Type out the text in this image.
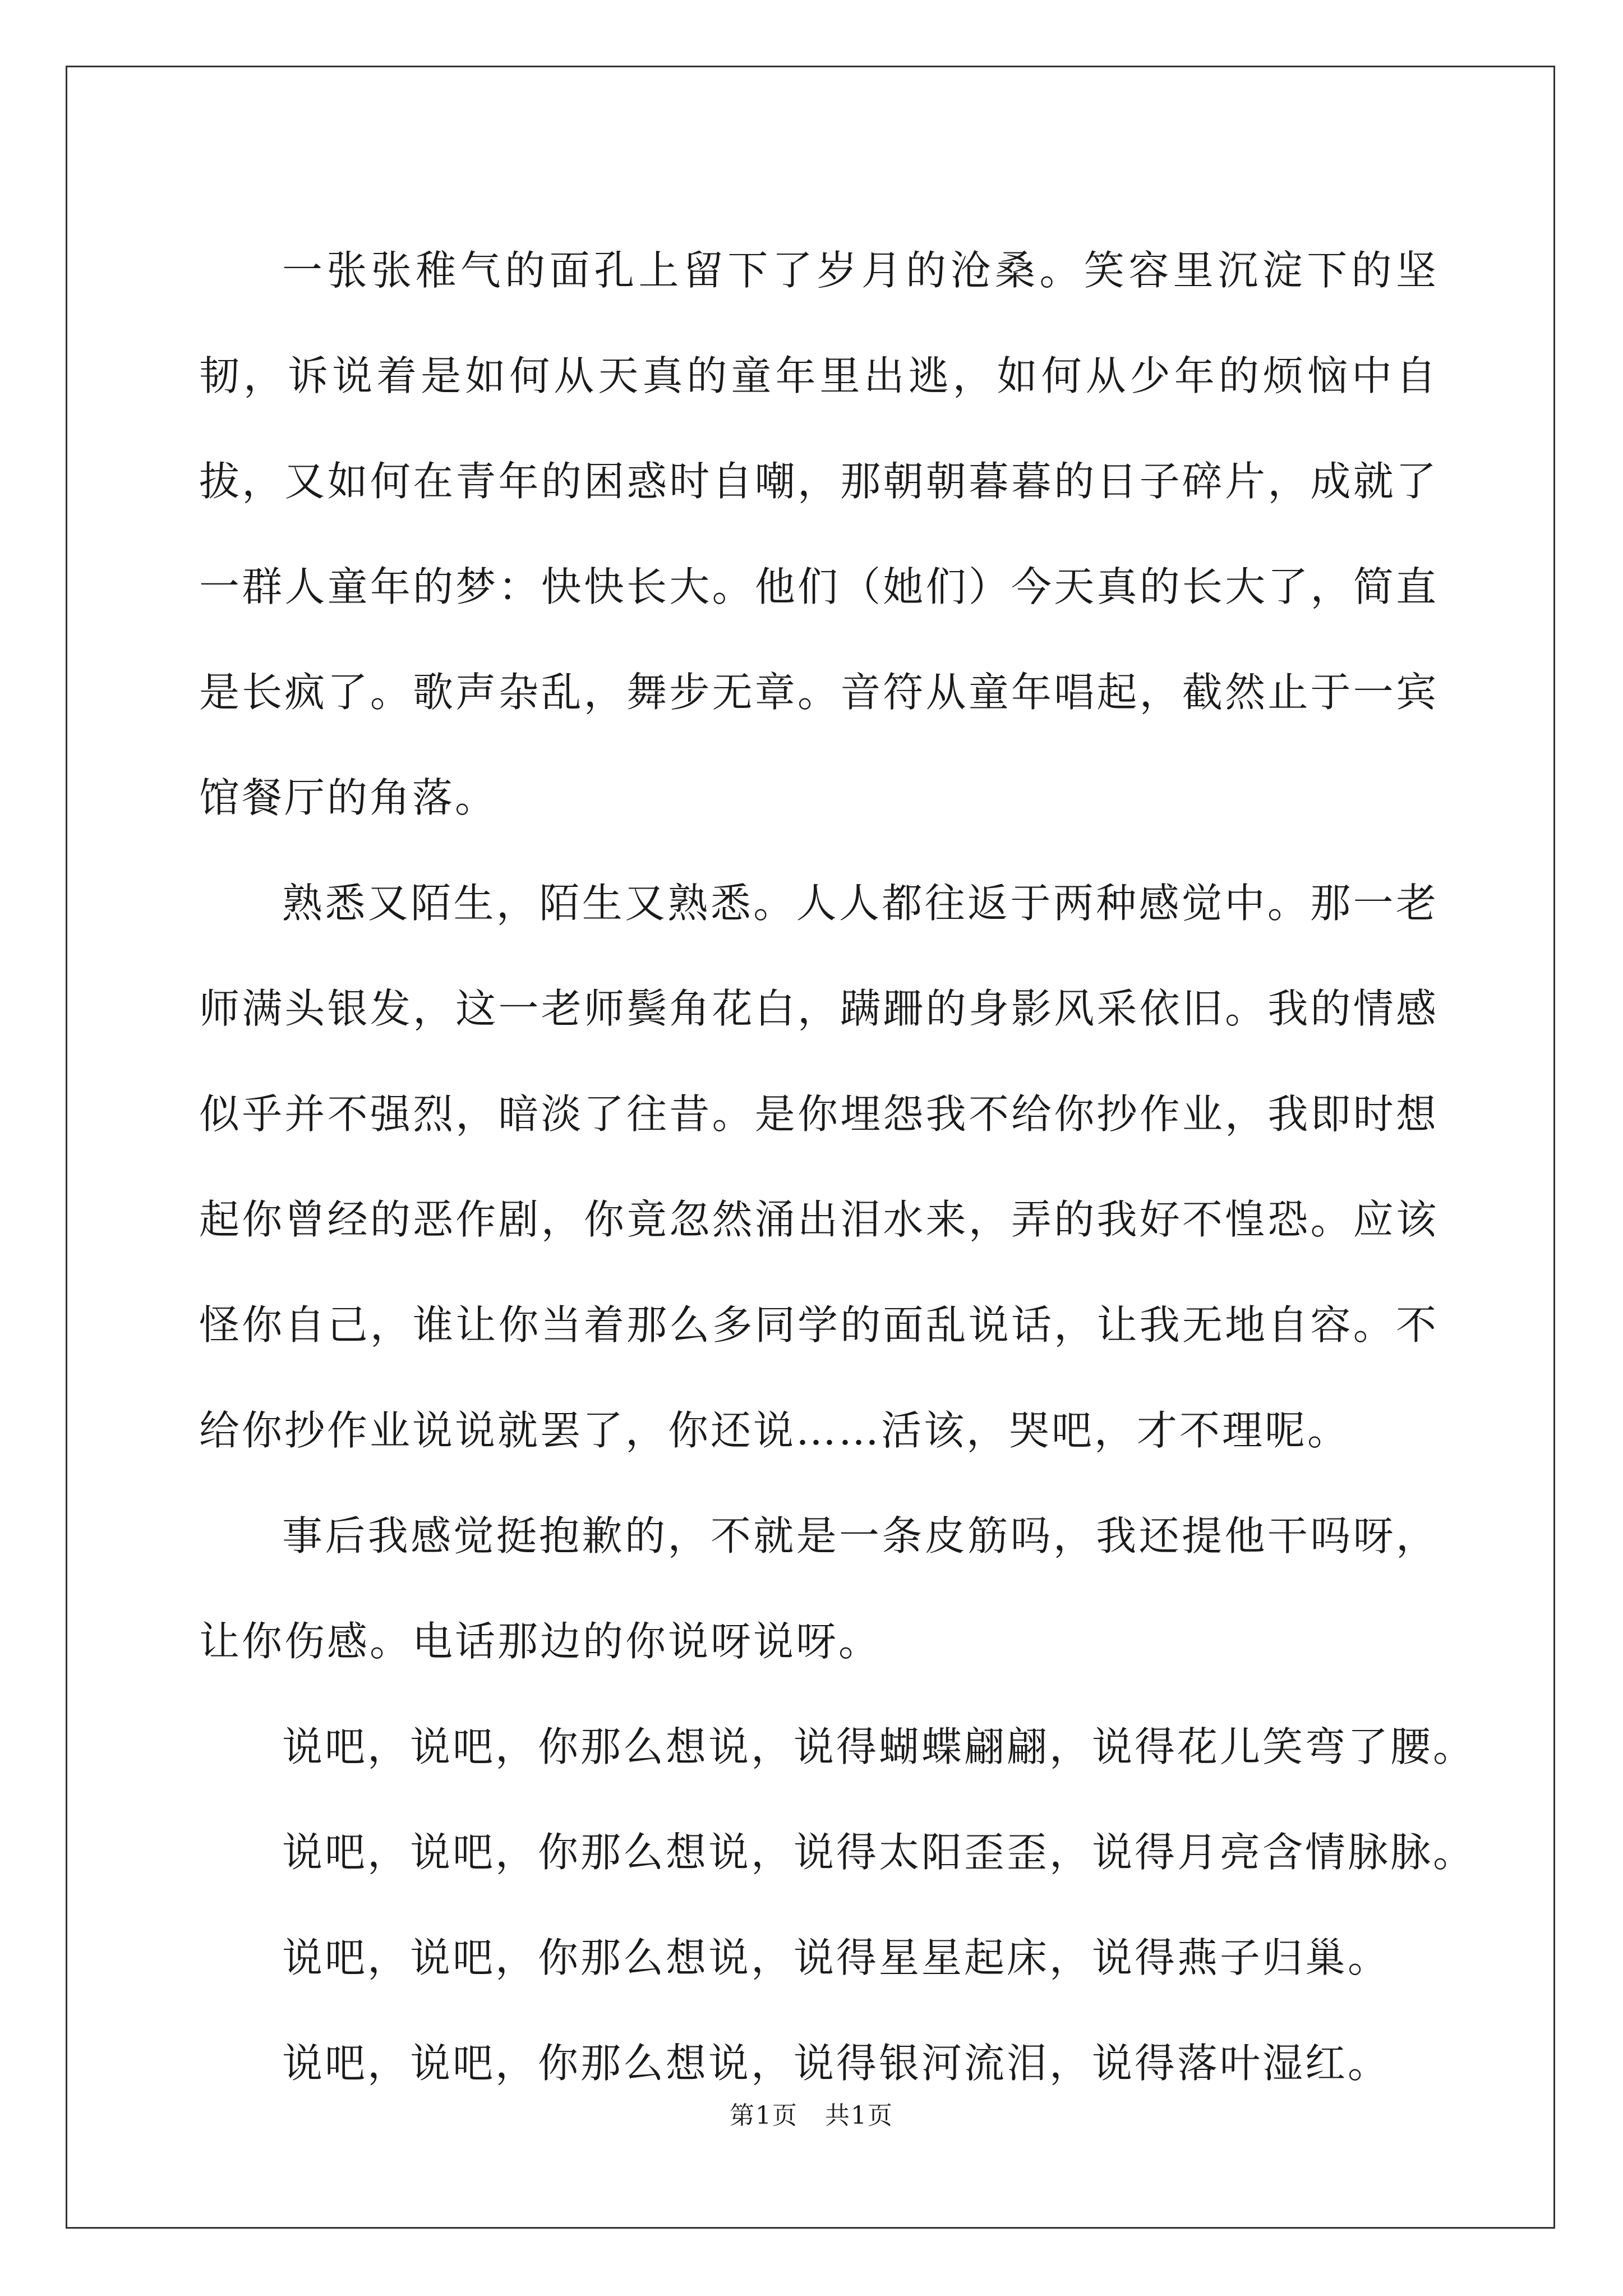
一张张稚气的面孔上留下了岁月的沧桑。笑容里沉淀下的坚韧，诉说着是如何从天真的童年里出逃，如何从少年的烦恼中自拔，又如何在青年的困惑时自嘲，那朝朝暮暮的日子碎片，成就了一群人童年的梦：快快长大。他们（她们）今天真的长大了，简直是长疯了。歌声杂乱，舞步无章。音符从童年唱起，截然止于一宾馆餐厅的角落。

熟悉又陌生，陌生又熟悉。人人都往返于两种感觉中。那一老师满头银发，这一老师鬓角花白，蹒跚的身影风采依旧。我的情感似乎并不强烈，暗淡了往昔。是你埋怨我不给你抄作业，我即时想起你曾经的恶作剧，你竟忽然涌出泪水来，弄的我好不惶恐。应该怪你自己，谁让你当着那么多同学的面乱说话，让我无地自容。不给你抄作业说说就罢了，你还说……活该，哭吧，才不理呢。

事后我感觉挺抱歉的，不就是一条皮筋吗，我还提他干吗呀，让你伤感。电话那边的你说呀说呀。

说吧，说吧，你那么想说，说得蝴蝶翩翩，说得花儿笑弯了腰。

说吧，说吧，你那么想说，说得太阳歪歪，说得月亮含情脉脉。

说吧，说吧，你那么想说，说得星星起床，说得燕子归巢。

说吧，说吧，你那么想说，说得银河流泪，说得落叶湿红。

第1页   共1页
